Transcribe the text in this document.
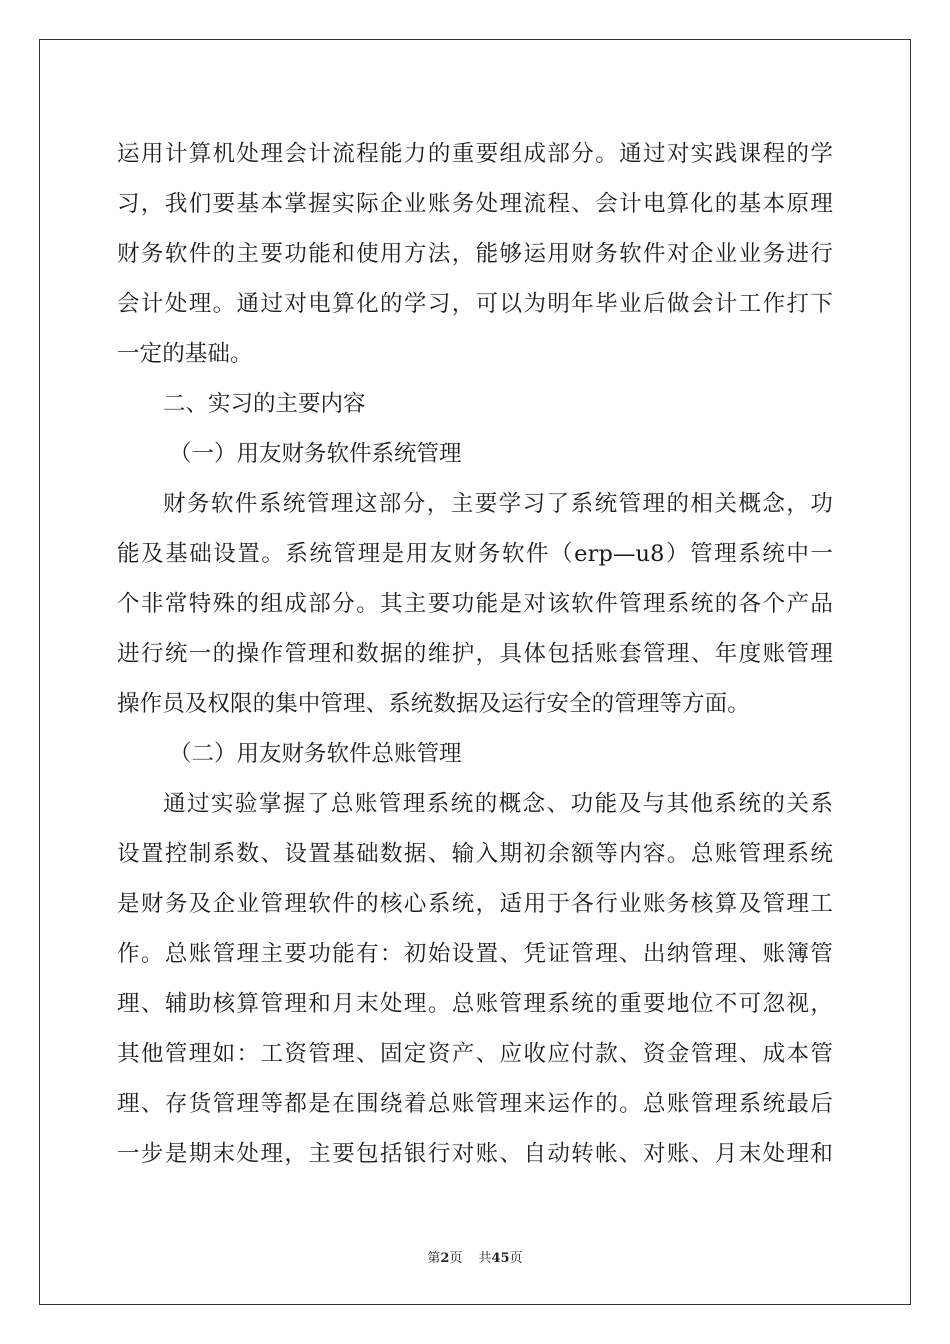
运用计算机处理会计流程能力的重要组成部分。通过对实践课程的学
习，我们要基本掌握实际企业账务处理流程、会计电算化的基本原理
财务软件的主要功能和使用方法，能够运用财务软件对企业业务进行
会计处理。通过对电算化的学习，可以为明年毕业后做会计工作打下
一定的基础。
二、实习的主要内容
（一）用友财务软件系统管理
财务软件系统管理这部分，主要学习了系统管理的相关概念，功
能及基础设置。系统管理是用友财务软件（erp—u8）管理系统中一
个非常特殊的组成部分。其主要功能是对该软件管理系统的各个产品
进行统一的操作管理和数据的维护，具体包括账套管理、年度账管理
操作员及权限的集中管理、系统数据及运行安全的管理等方面。
（二）用友财务软件总账管理
通过实验掌握了总账管理系统的概念、功能及与其他系统的关系
设置控制系数、设置基础数据、输入期初余额等内容。总账管理系统
是财务及企业管理软件的核心系统，适用于各行业账务核算及管理工
作。总账管理主要功能有：初始设置、凭证管理、出纳管理、账簿管
理、辅助核算管理和月末处理。总账管理系统的重要地位不可忽视，
其他管理如：工资管理、固定资产、应收应付款、资金管理、成本管
理、存货管理等都是在围绕着总账管理来运作的。总账管理系统最后
一步是期末处理，主要包括银行对账、自动转帐、对账、月末处理和
第2页 共45页
